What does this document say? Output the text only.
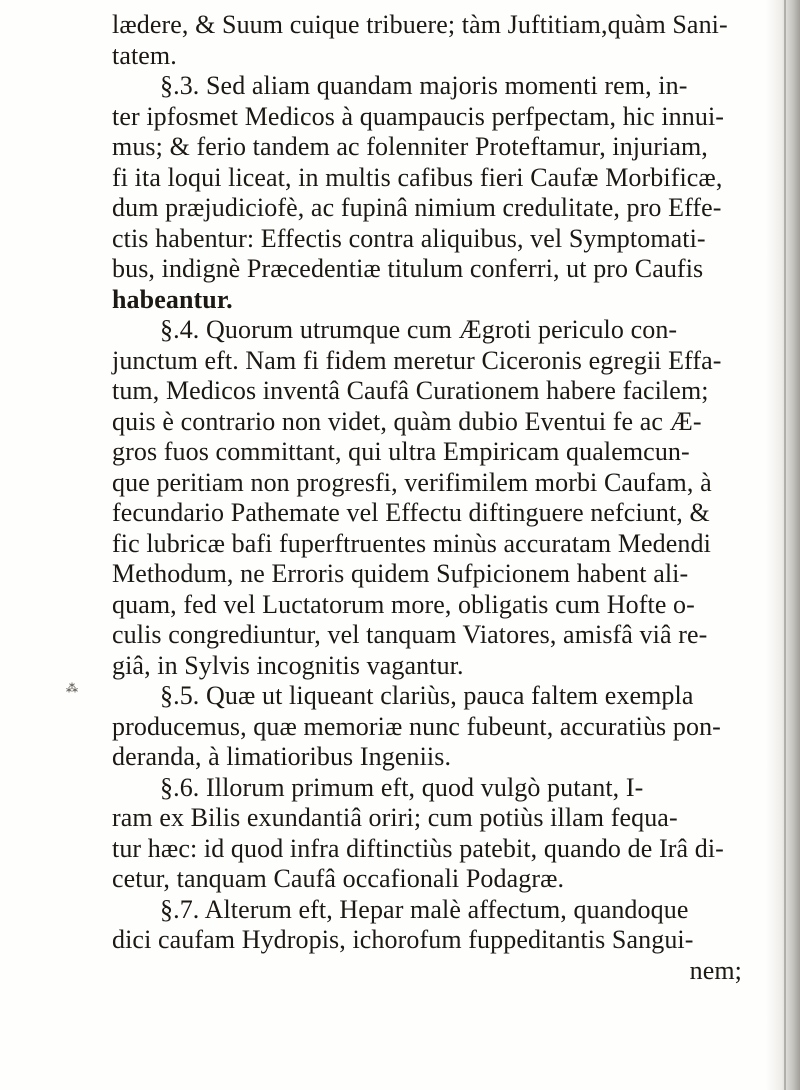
⁂
lædere, & Suum cuique tribuere; tàm Juftitiam,quàm Sani-
tatem.
§.3. Sed aliam quandam majoris momenti rem, in-
ter ipfosmet Medicos à quampaucis perfpectam, hic innui-
mus; & ferio tandem ac folenniter Proteftamur, injuriam,
fi ita loqui liceat, in multis cafibus fieri Caufæ Morbificæ,
dum præjudiciofè, ac fupinâ nimium credulitate, pro Effe-
ctis habentur: Effectis contra aliquibus, vel Symptomati-
bus, indignè Præcedentiæ titulum conferri, ut pro Caufis
habeantur.
§.4. Quorum utrumque cum Ægroti periculo con-
junctum eft. Nam fi fidem meretur Ciceronis egregii Effa-
tum, Medicos inventâ Caufâ Curationem habere facilem;
quis è contrario non videt, quàm dubio Eventui fe ac Æ-
gros fuos committant, qui ultra Empiricam qualemcun-
que peritiam non progresfi, verifimilem morbi Caufam, à
fecundario Pathemate vel Effectu diftinguere nefciunt, &
fic lubricæ bafi fuperftruentes minùs accuratam Medendi
Methodum, ne Erroris quidem Sufpicionem habent ali-
quam, fed vel Luctatorum more, obligatis cum Hofte o-
culis congrediuntur, vel tanquam Viatores, amisfâ viâ re-
giâ, in Sylvis incognitis vagantur.
§.5. Quæ ut liqueant clariùs, pauca faltem exempla
producemus, quæ memoriæ nunc fubeunt, accuratiùs pon-
deranda, à limatioribus Ingeniis.
§.6. Illorum primum eft, quod vulgò putant, I-
ram ex Bilis exundantiâ oriri; cum potiùs illam fequa-
tur hæc: id quod infra diftinctiùs patebit, quando de Irâ di-
cetur, tanquam Caufâ occafionali Podagræ.
§.7. Alterum eft, Hepar malè affectum, quandoque
dici caufam Hydropis, ichorofum fuppeditantis Sangui-
nem;
